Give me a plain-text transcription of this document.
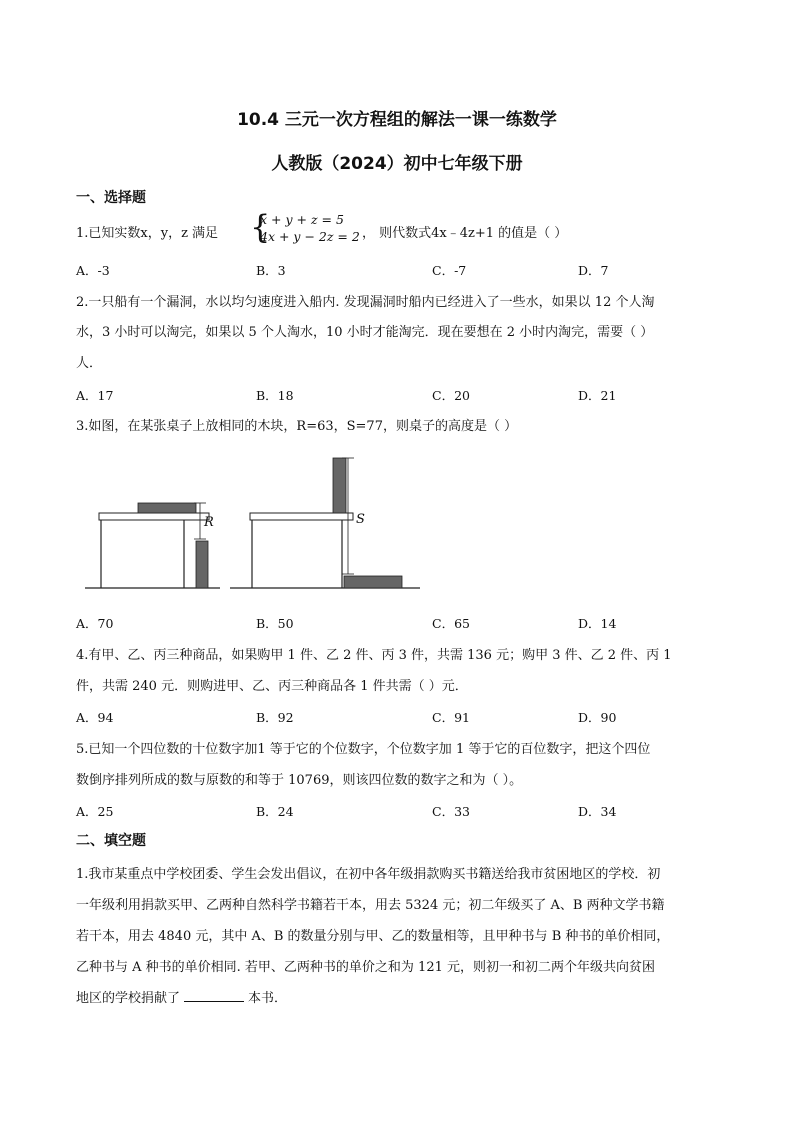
10.4 三元一次方程组的解法一课一练数学
人教版（2024）初中七年级下册
一、选择题
1.已知实数x，y，z 满足 {
x + y + z = 5
4x + y − 2z = 2 ， 则代数式4x﹣4z+1 的值是（ ）
A．-3	B．3	C．-7	D．7
2.一只船有一个漏洞，水以均匀速度进入船内. 发现漏洞时船内已经进入了一些水，如果以 12 个人淘
水，3 小时可以淘完，如果以 5 个人淘水，10 小时才能淘完．现在要想在 2 小时内淘完，需要（ ）
人．
A．17	B．18	C．20	D．21
3.如图，在某张桌子上放相同的木块，R=63，S=77，则桌子的高度是（ ）
R	S
A．70	B．50	C．65	D．14
4.有甲、乙、丙三种商品，如果购甲 1 件、乙 2 件、丙 3 件，共需 136 元；购甲 3 件、乙 2 件、丙 1
件，共需 240 元．则购进甲、乙、丙三种商品各 1 件共需（ ）元．
A．94	B．92	C．91	D．90
5.已知一个四位数的十位数字加1 等于它的个位数字，个位数字加 1 等于它的百位数字，把这个四位
数倒序排列所成的数与原数的和等于 10769，则该四位数的数字之和为（ ）。
A．25	B．24	C．33	D．34
二、填空题
1.我市某重点中学校团委、学生会发出倡议，在初中各年级捐款购买书籍送给我市贫困地区的学校．初
一年级利用捐款买甲、乙两种自然科学书籍若干本，用去 5324 元；初二年级买了 A、B 两种文学书籍
若干本，用去 4840 元，其中 A、B 的数量分别与甲、乙的数量相等，且甲种书与 B 种书的单价相同，
乙种书与 A 种书的单价相同. 若甲、乙两种书的单价之和为 121 元，则初一和初二两个年级共向贫困
地区的学校捐献了	本书．
